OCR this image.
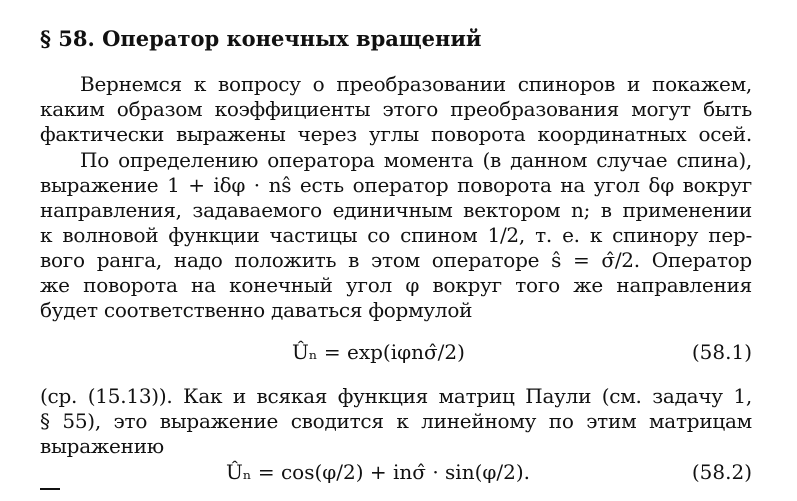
§ 58. Оператор конечных вращений
Вернемся к вопросу о преобразовании спиноров и покажем,
каким образом коэффициенты этого преобразования могут быть
фактически выражены через углы поворота координатных осей.
По определению оператора момента (в данном случае спина),
выражение 1 + iδφ · nŝ есть оператор поворота на угол δφ вокруг
направления, задаваемого единичным вектором n; в применении
к волновой функции частицы со спином 1/2, т. е. к спинору пер-
вого ранга, надо положить в этом операторе ŝ = σ̂/2. Оператор
же поворота на конечный угол φ вокруг того же направления
будет соответственно даваться формулой
Ûₙ = exp(iφnσ̂/2)	(58.1)
(ср. (15.13)). Как и всякая функция матриц Паули (см. задачу 1,
§ 55), это выражение сводится к линейному по этим матрицам
выражению
Ûₙ = cos(φ/2) + inσ̂ · sin(φ/2).	(58.2)
